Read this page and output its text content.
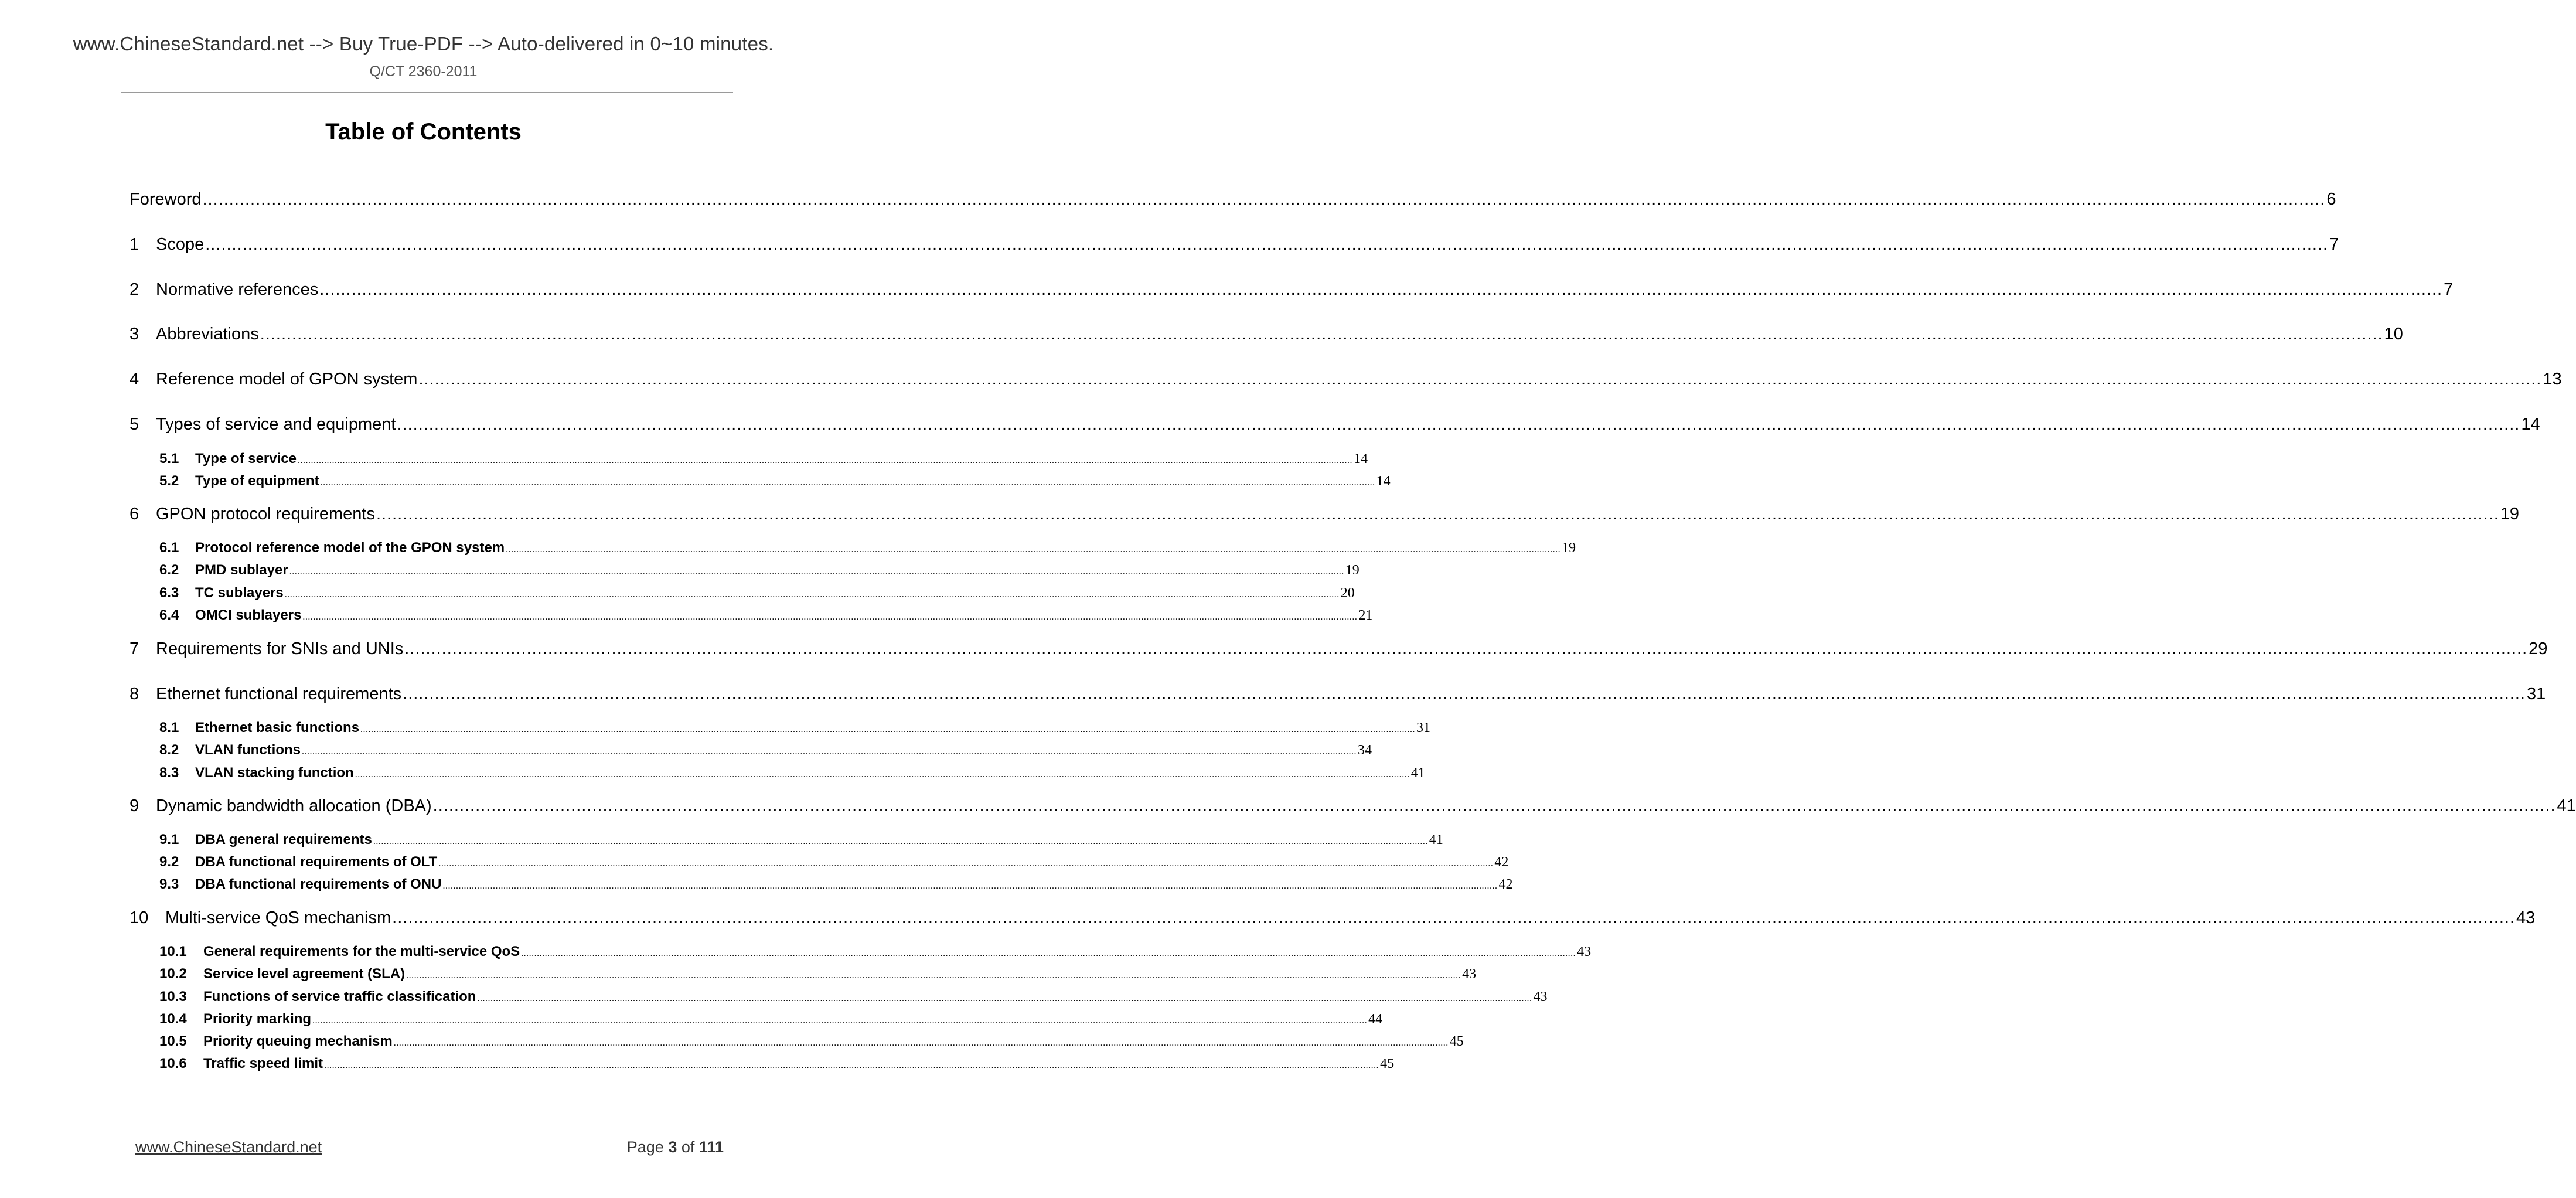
www.ChineseStandard.net --> Buy True-PDF --> Auto-delivered in 0~10 minutes.
Q/CT 2360-2011
Table of Contents
Foreword ................................................................................................................................................................................................................................................................................................................................................................................................................ 6
1 Scope ................................................................................................................................................................................................................................................................................................................................................................................................................ 7
2 Normative references ................................................................................................................................................................................................................................................................................................................................................................................................................ 7
3 Abbreviations ................................................................................................................................................................................................................................................................................................................................................................................................................ 10
4 Reference model of GPON system ................................................................................................................................................................................................................................................................................................................................................................................................................ 13
5 Types of service and equipment ................................................................................................................................................................................................................................................................................................................................................................................................................ 14
5.1	Type of service ................................................................................................................................................................................................................................................................................................................................................................................................................ 14
5.2	Type of equipment ................................................................................................................................................................................................................................................................................................................................................................................................................ 14
6 GPON protocol requirements ................................................................................................................................................................................................................................................................................................................................................................................................................ 19
6.1	Protocol reference model of the GPON system ................................................................................................................................................................................................................................................................................................................................................................................................................ 19
6.2	PMD sublayer ................................................................................................................................................................................................................................................................................................................................................................................................................ 19
6.3	TC sublayers ................................................................................................................................................................................................................................................................................................................................................................................................................ 20
6.4	OMCI sublayers ................................................................................................................................................................................................................................................................................................................................................................................................................ 21
7 Requirements for SNIs and UNIs ................................................................................................................................................................................................................................................................................................................................................................................................................ 29
8 Ethernet functional requirements ................................................................................................................................................................................................................................................................................................................................................................................................................ 31
8.1	Ethernet basic functions ................................................................................................................................................................................................................................................................................................................................................................................................................ 31
8.2	VLAN functions ................................................................................................................................................................................................................................................................................................................................................................................................................ 34
8.3	VLAN stacking function ................................................................................................................................................................................................................................................................................................................................................................................................................ 41
9 Dynamic bandwidth allocation (DBA) ................................................................................................................................................................................................................................................................................................................................................................................................................ 41
9.1	DBA general requirements ................................................................................................................................................................................................................................................................................................................................................................................................................ 41
9.2	DBA functional requirements of OLT ................................................................................................................................................................................................................................................................................................................................................................................................................ 42
9.3	DBA functional requirements of ONU ................................................................................................................................................................................................................................................................................................................................................................................................................ 42
10 Multi-service QoS mechanism ................................................................................................................................................................................................................................................................................................................................................................................................................ 43
10.1	General requirements for the multi-service QoS ................................................................................................................................................................................................................................................................................................................................................................................................................ 43
10.2	Service level agreement (SLA) ................................................................................................................................................................................................................................................................................................................................................................................................................ 43
10.3	Functions of service traffic classification ................................................................................................................................................................................................................................................................................................................................................................................................................ 43
10.4	Priority marking ................................................................................................................................................................................................................................................................................................................................................................................................................ 44
10.5	Priority queuing mechanism ................................................................................................................................................................................................................................................................................................................................................................................................................ 45
10.6	Traffic speed limit ................................................................................................................................................................................................................................................................................................................................................................................................................ 45
www.ChineseStandard.net	Page 3 of 111
